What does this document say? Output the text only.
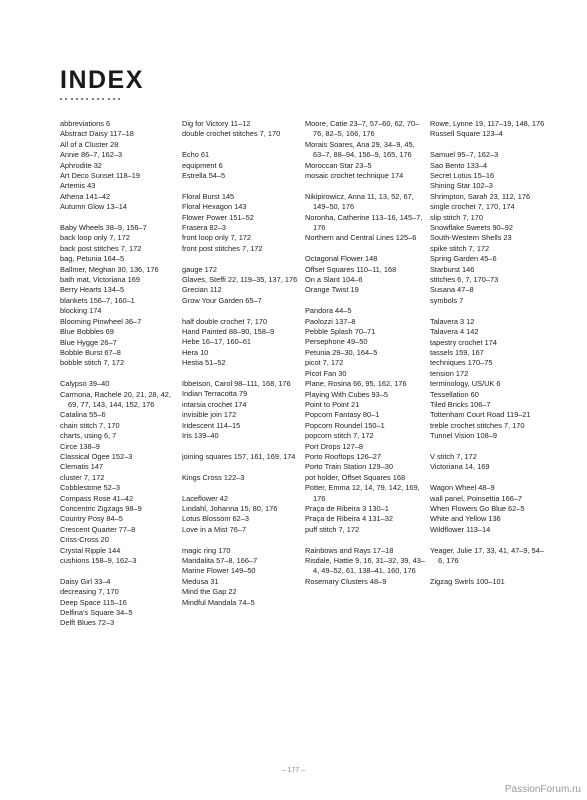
INDEX
abbreviations 6
Abstract Daisy 117–18
All of a Cluster 28
Annie 86–7, 162–3
Aphrodite 32
Art Deco Sunset 118–19
Artemis 43
Athena 141–42
Autumn Glow 13–14
Baby Wheels 38–9, 156–7
back loop only 7, 172
back post stitches 7, 172
bag, Petunia 164–5
Ballmer, Meghan 30, 136, 176
bath mat, Victoriana 169
Berry Hearts 134–5
blankets 156–7, 160–1
blocking 174
Blooming Pinwheel 36–7
Blue Bobbles 69
Blue Hygge 26–7
Bobble Burst 67–8
bobble stitch 7, 172
Calypso 39–40
Carmona, Rachele 20, 21, 28, 42, 69, 77, 143, 144, 152, 176
Catalina 55–6
chain stitch 7, 170
charts, using 6, 7
Circe 138–9
Classical Ogee 152–3
Clematis 147
cluster 7, 172
Cobblestone 52–3
Compass Rose 41–42
Concentric Zigzags 98–9
Country Posy 84–5
Crescent Quarter 77–8
Criss-Cross 20
Crystal Ripple 144
cushions 158–9, 162–3
Daisy Girl 33–4
decreasing 7, 170
Deep Space 115–16
Delfina's Square 34–5
Delft Blues 72–3
Dig for Victory 11–12
double crochet stitches 7, 170
Echo 61
equipment 6
Estrella 54–5
Floral Burst 145
Floral Hexagon 143
Flower Power 151–52
Frasera 82–3
front loop only 7, 172
front post stitches 7, 172
gauge 172
Glaves, Steffi 22, 119–35, 137, 176
Grecian 112
Grow Your Garden 65–7
half double crochet 7, 170
Hand Painted 88–90, 158–9
Hebe 16–17, 160–61
Hera 10
Hestia 51–52
Ibbetson, Carol 98–111, 168, 176
Indian Terracotta 79
intarsia crochet 174
invisible join 172
Iridescent 114–15
Iris 139–40
joining squares 157, 161, 169, 174
Kings Cross 122–3
Laceflower 42
Lindahl, Johanna 15, 80, 176
Lotus Blossom 62–3
Love in a Mist 76–7
magic ring 170
Mandalita 57–8, 166–7
Marine Flower 149–50
Medusa 31
Mind the Gap 22
Mindful Mandala 74–5
Moore, Catie 23–7, 57–60, 62, 70–76, 82–5, 166, 176
Morais Soares, Ana 29, 34–9, 45, 63–7, 88–94, 156–9, 165, 176
Moroccan Star 23–5
mosaic crochet technique 174
Nikipirowicz, Anna 11, 13, 52, 67, 149–50, 176
Noronha, Catherine 113–16, 145–7, 176
Northern and Central Lines 125–6
Octagonal Flower 148
Offset Squares 110–11, 168
On a Slant 104–6
Orange Twist 19
Pandora 44–5
Paolozzi 137–8
Pebble Splash 70–71
Persephone 49–50
Petunia 29–30, 164–5
picot 7, 172
Picot Fan 30
Plane, Rosina 66, 95, 162, 176
Playing With Cubes 93–5
Point to Point 21
Popcorn Fantasy 80–1
Popcorn Roundel 150–1
popcorn stitch 7, 172
Port Drops 127–8
Porto Rooftops 126–27
Porto Train Station 129–30
pot holder, Offset Squares 168
Potter, Emma 12, 14, 79, 142, 169, 176
Praça de Ribeira 3 130–1
Praça de Ribeira 4 131–32
puff stitch 7, 172
Rainbows and Rays 17–18
Risdale, Hattie 9, 16, 31–32, 39, 43–4, 49–52, 61, 138–41, 160, 176
Rosemary Clusters 48–9
Rowe, Lynne 19, 117–19, 148, 176
Russell Square 123–4
Samuel 95–7, 162–3
Sao Bento 133–4
Secret Lotus 15–16
Shining Star 102–3
Shrimpton, Sarah 23, 112, 176
single crochet 7, 170, 174
slip stitch 7, 170
Snowflake Sweets 90–92
South-Western Shells 23
spike stitch 7, 172
Spring Garden 45–6
Starburst 146
stitches 6, 7, 170–73
Susana 47–8
symbols 7
Talavera 3 12
Talavera 4 142
tapestry crochet 174
tassels 159, 167
techniques 170–75
tension 172
terminology, US/UK 6
Tessellation 60
Tiled Bricks 106–7
Tottenham Court Road 119–21
treble crochet stitches 7, 170
Tunnel Vision 108–9
V stitch 7, 172
Victoriana 14, 169
Wagon Wheel 48–9
wall panel, Poinsettia 166–7
When Flowers Go Blue 62–5
White and Yellow 136
Wildflower 113–14
Yeager, Julie 17, 33, 41, 47–9, 54–6, 176
Zigzag Swirls 100–101
– 177 –
PassionForum.ru
